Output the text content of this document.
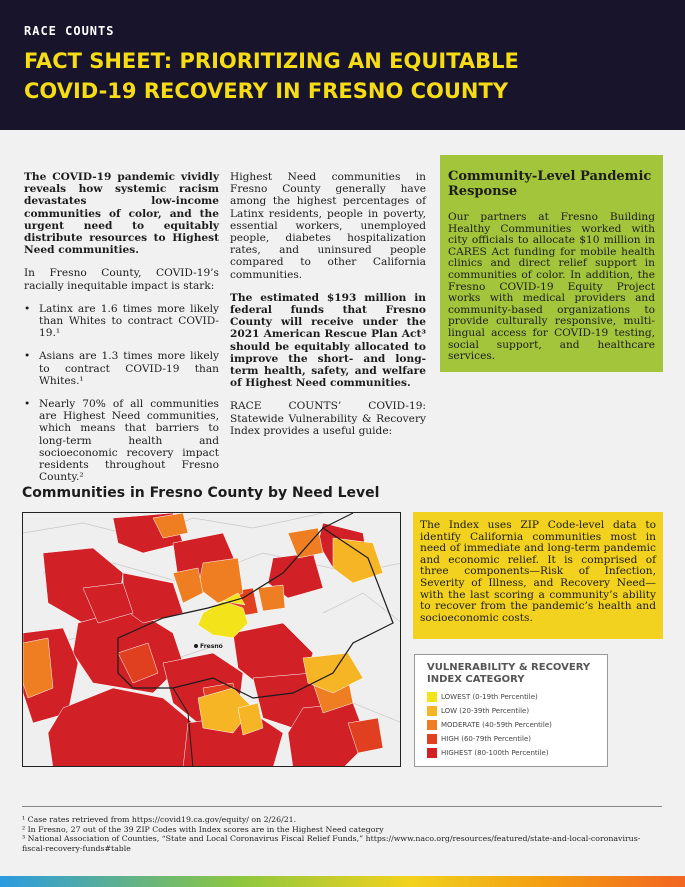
RACE COUNTS
FACT SHEET: PRIORITIZING AN EQUITABLE
COVID-19 RECOVERY IN FRESNO COUNTY

The COVID-19 pandemic vividly reveals how systemic racism devastates low-income communities of color, and the urgent need to equitably distribute resources to Highest Need communities.

In Fresno County, COVID-19’s racially inequitable impact is stark:

• Latinx are 1.6 times more likely than Whites to contract COVID-19.¹
• Asians are 1.3 times more likely to contract COVID-19 than Whites.¹
• Nearly 70% of all communities are Highest Need communities, which means that barriers to long-term health and socioeconomic recovery impact residents throughout Fresno County.²

Highest Need communities in Fresno County generally have among the highest percentages of Latinx residents, people in poverty, essential workers, unemployed people, diabetes hospitalization rates, and uninsured people compared to other California communities.

The estimated $193 million in federal funds that Fresno County will receive under the 2021 American Rescue Plan Act³ should be equitably allocated to improve the short- and long-term health, safety, and welfare of Highest Need communities.

RACE COUNTS’ COVID-19: Statewide Vulnerability & Recovery Index provides a useful guide:

Community-Level Pandemic Response

Our partners at Fresno Building Healthy Communities worked with city officials to allocate $10 million in CARES Act funding for mobile health clinics and direct relief support in communities of color. In addition, the Fresno COVID-19 Equity Project works with medical providers and community-based organizations to provide culturally responsive, multi-lingual access for COVID-19 testing, social support, and healthcare services.

Communities in Fresno County by Need Level
Fresno

The Index uses ZIP Code-level data to identify California communities most in need of immediate and long-term pandemic and economic relief. It is comprised of three components—Risk of Infection, Severity of Illness, and Recovery Need—with the last scoring a community’s ability to recover from the pandemic’s health and socioeconomic costs.

VULNERABILITY & RECOVERY INDEX CATEGORY
LOWEST (0-19th Percentile)
LOW (20-39th Percentile)
MODERATE (40-59th Percentile)
HIGH (60-79th Percentile)
HIGHEST (80-100th Percentile)

¹ Case rates retrieved from https://covid19.ca.gov/equity/ on 2/26/21.

² In Fresno, 27 out of the 39 ZIP Codes with Index scores are in the Highest Need category

³ National Association of Counties, “State and Local Coronavirus Fiscal Relief Funds,” https://www.naco.org/resources/featured/state-and-local-coronavirus-fiscal-recovery-funds#table
